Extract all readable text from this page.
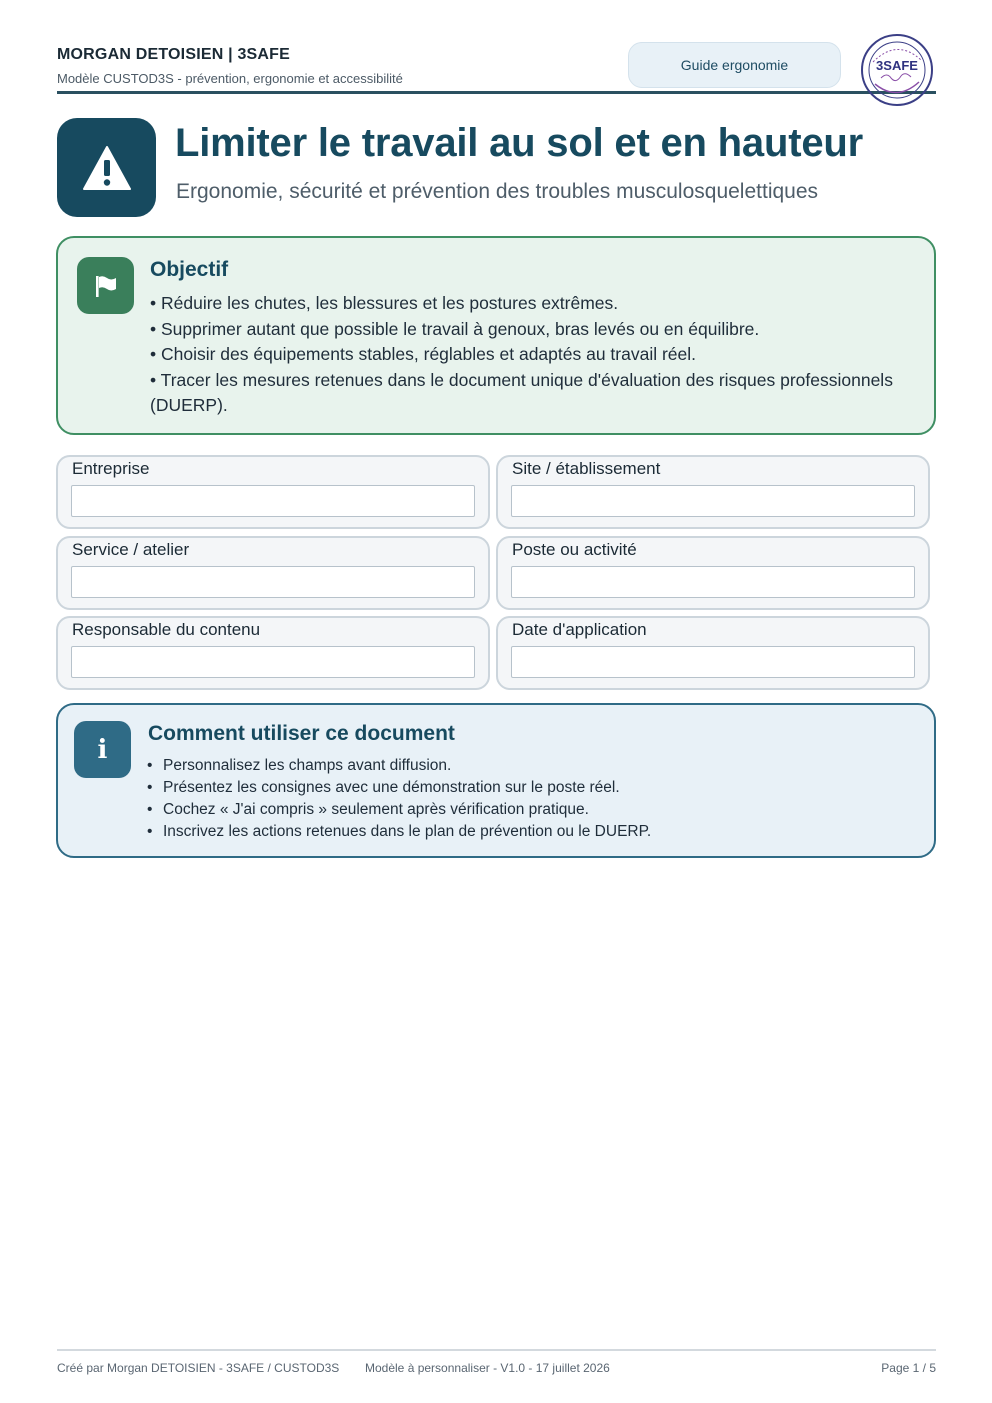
MORGAN DETOISIEN | 3SAFE
Modèle CUSTOD3S - prévention, ergonomie et accessibilité
Guide ergonomie	3SAFE
Limiter le travail au sol et en hauteur
Ergonomie, sécurité et prévention des troubles musculosquelettiques
Objectif
• Réduire les chutes, les blessures et les postures extrêmes.
• Supprimer autant que possible le travail à genoux, bras levés ou en équilibre.
• Choisir des équipements stables, réglables et adaptés au travail réel.
• Tracer les mesures retenues dans le document unique d'évaluation des risques professionnels (DUERP).
Entreprise	Site / établissement
Service / atelier	Poste ou activité
Responsable du contenu	Date d'application
i
Comment utiliser ce document
• Personnalisez les champs avant diffusion.
• Présentez les consignes avec une démonstration sur le poste réel.
• Cochez « J'ai compris » seulement après vérification pratique.
• Inscrivez les actions retenues dans le plan de prévention ou le DUERP.
Créé par Morgan DETOISIEN - 3SAFE / CUSTOD3S Modèle à personnaliser - V1.0 - 17 juillet 2026	Page 1 / 5
